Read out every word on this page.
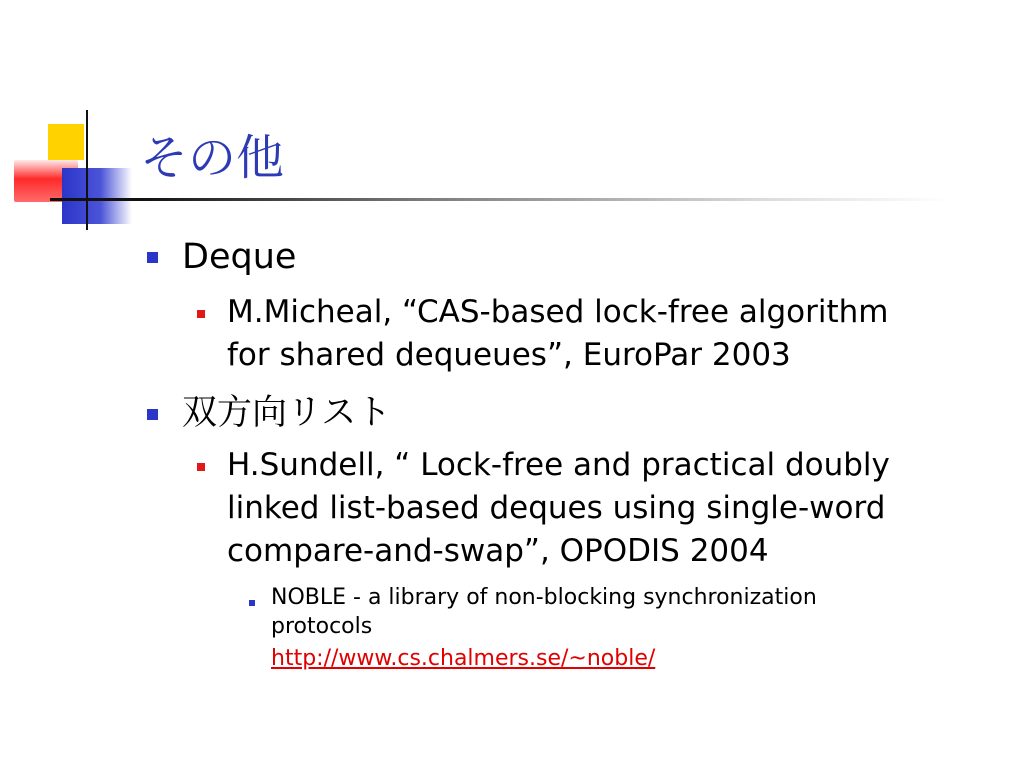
その他
Deque
M.Micheal, “CAS-based lock-free algorithm
for shared dequeues”, EuroPar 2003
双方向リスト
H.Sundell, “ Lock-free and practical doubly
linked list-based deques using single-word
compare-and-swap”, OPODIS 2004
NOBLE - a library of non-blocking synchronization
protocols
http://www.cs.chalmers.se/~noble/
